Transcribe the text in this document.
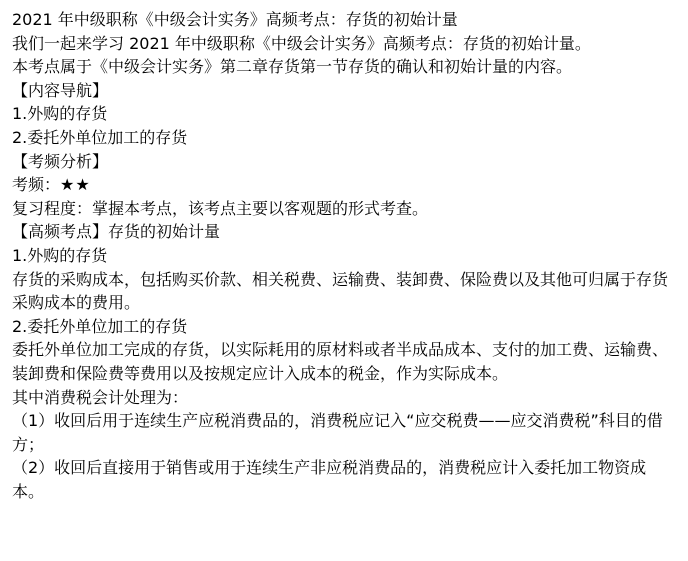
2021 年中级职称《中级会计实务》高频考点：存货的初始计量

我们一起来学习 2021 年中级职称《中级会计实务》高频考点：存货的初始计量。

本考点属于《中级会计实务》第二章存货第一节存货的确认和初始计量的内容。

【内容导航】

1.外购的存货

2.委托外单位加工的存货

【考频分析】

考频：★★

复习程度：掌握本考点，该考点主要以客观题的形式考查。

【高频考点】存货的初始计量

1.外购的存货

存货的采购成本，包括购买价款、相关税费、运输费、装卸费、保险费以及其他可归属于存货采购成本的费用。

2.委托外单位加工的存货

委托外单位加工完成的存货，以实际耗用的原材料或者半成品成本、支付的加工费、运输费、装卸费和保险费等费用以及按规定应计入成本的税金，作为实际成本。

其中消费税会计处理为：

（1）收回后用于连续生产应税消费品的，消费税应记入“应交税费——应交消费税”科目的借方；

（2）收回后直接用于销售或用于连续生产非应税消费品的，消费税应计入委托加工物资成本。
